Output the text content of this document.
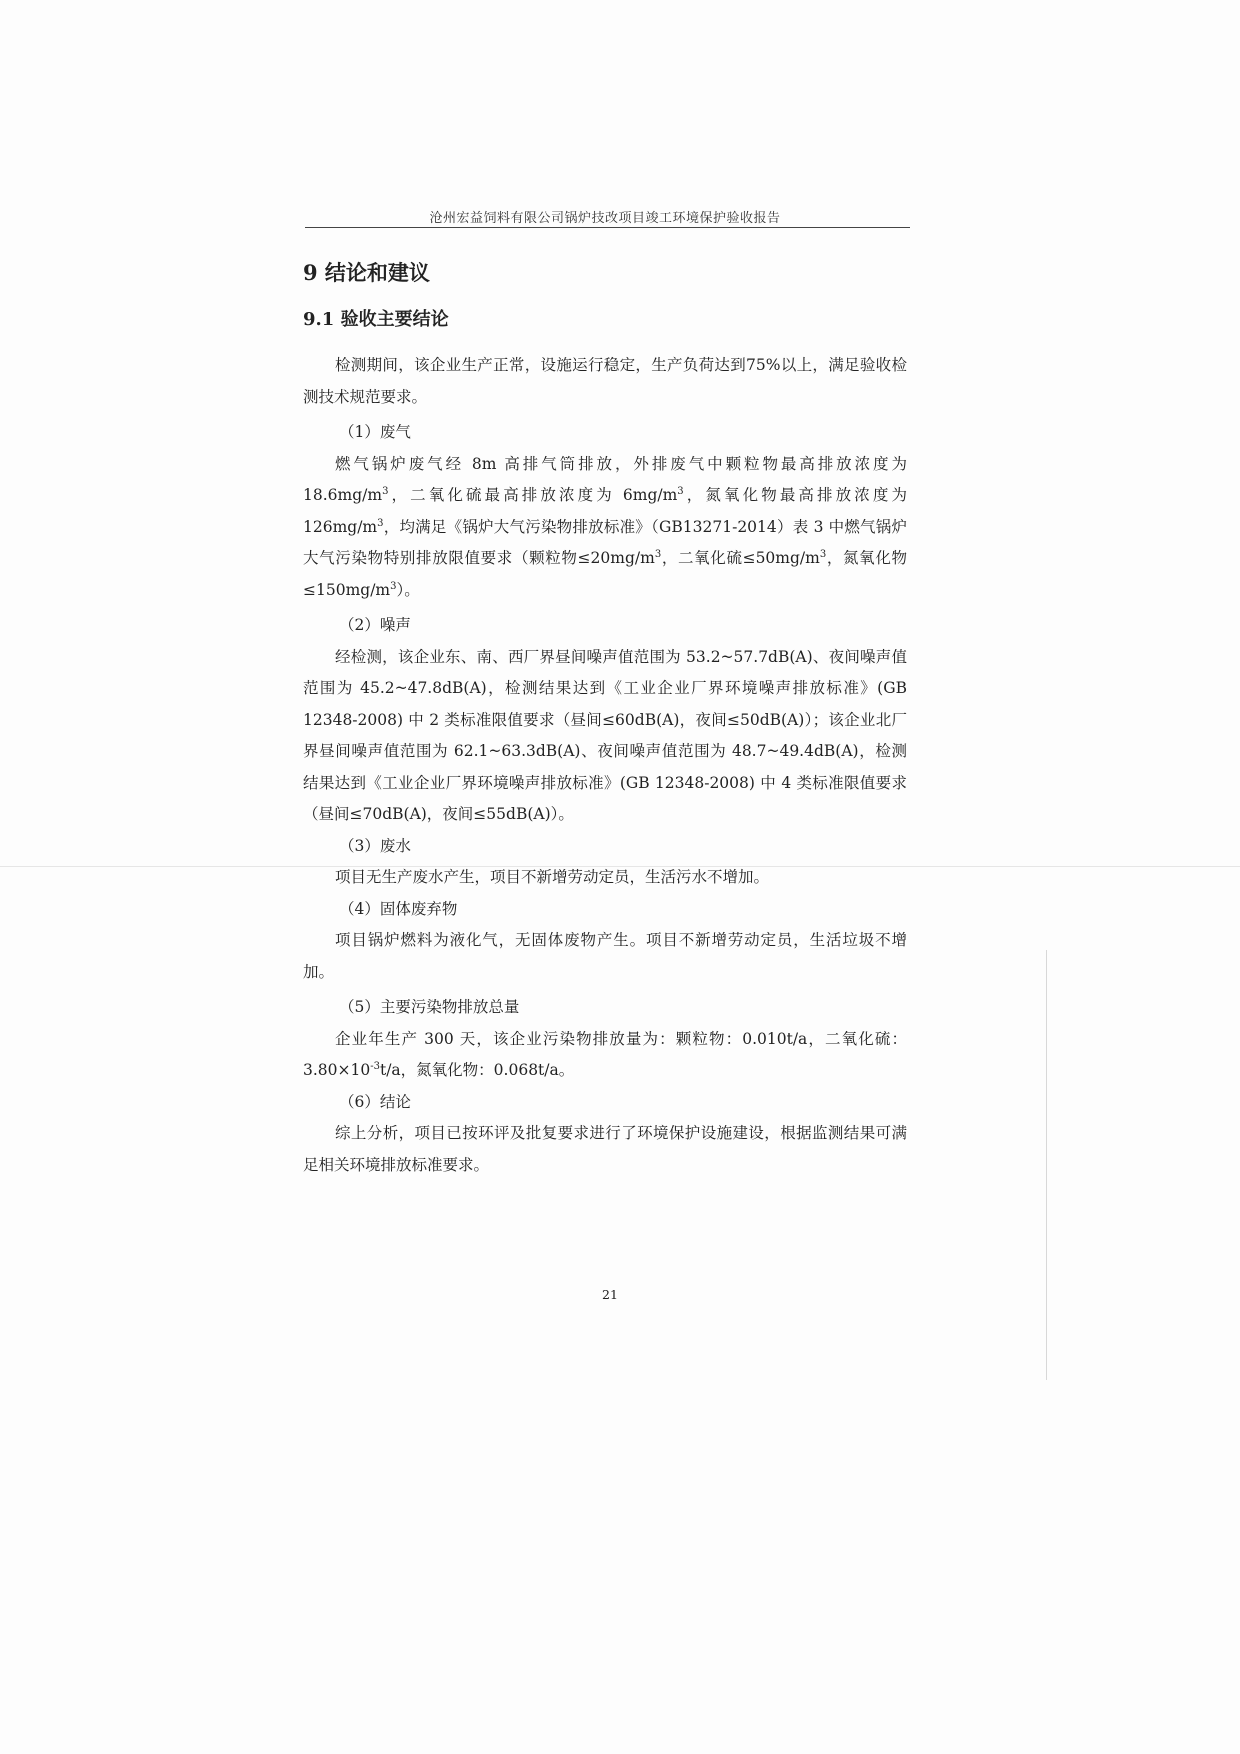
沧州宏益饲料有限公司锅炉技改项目竣工环境保护验收报告
9 结论和建议
9.1 验收主要结论

检测期间，该企业生产正常，设施运行稳定，生产负荷达到75%以上，满足验收检测技术规范要求。

（1）废气

燃气锅炉废气经 8m 高排气筒排放，外排废气中颗粒物最高排放浓度为 $18.6mg/m^3$，二氧化硫最高排放浓度为 $6mg/m^3$，氮氧化物最高排放浓度为 $126mg/m^3$，均满足《锅炉大气污染物排放标准》（GB13271-2014）表 3 中燃气锅炉大气污染物特别排放限值要求（颗粒物$\le 20mg/m^3$，二氧化硫$\le 50mg/m^3$，氮氧化物$\le 150mg/m^3$）。

（2）噪声

经检测，该企业东、南、西厂界昼间噪声值范围为 53.2~57.7dB(A)、夜间噪声值范围为 45.2~47.8dB(A)，检测结果达到《工业企业厂界环境噪声排放标准》(GB 12348-2008) 中 2 类标准限值要求（昼间≤60dB(A)，夜间≤50dB(A)）；该企业北厂界昼间噪声值范围为 62.1~63.3dB(A)、夜间噪声值范围为 48.7~49.4dB(A)，检测结果达到《工业企业厂界环境噪声排放标准》(GB 12348-2008) 中 4 类标准限值要求（昼间≤70dB(A)，夜间≤55dB(A)）。

（3）废水

项目无生产废水产生，项目不新增劳动定员，生活污水不增加。

（4）固体废弃物

项目锅炉燃料为液化气，无固体废物产生。项目不新增劳动定员，生活垃圾不增加。

（5）主要污染物排放总量

企业年生产 300 天，该企业污染物排放量为：颗粒物：0.010t/a，二氧化硫：$3.80\times 10^{-3}t/a$，氮氧化物：0.068t/a。

（6）结论

综上分析，项目已按环评及批复要求进行了环境保护设施建设，根据监测结果可满足相关环境排放标准要求。

21
